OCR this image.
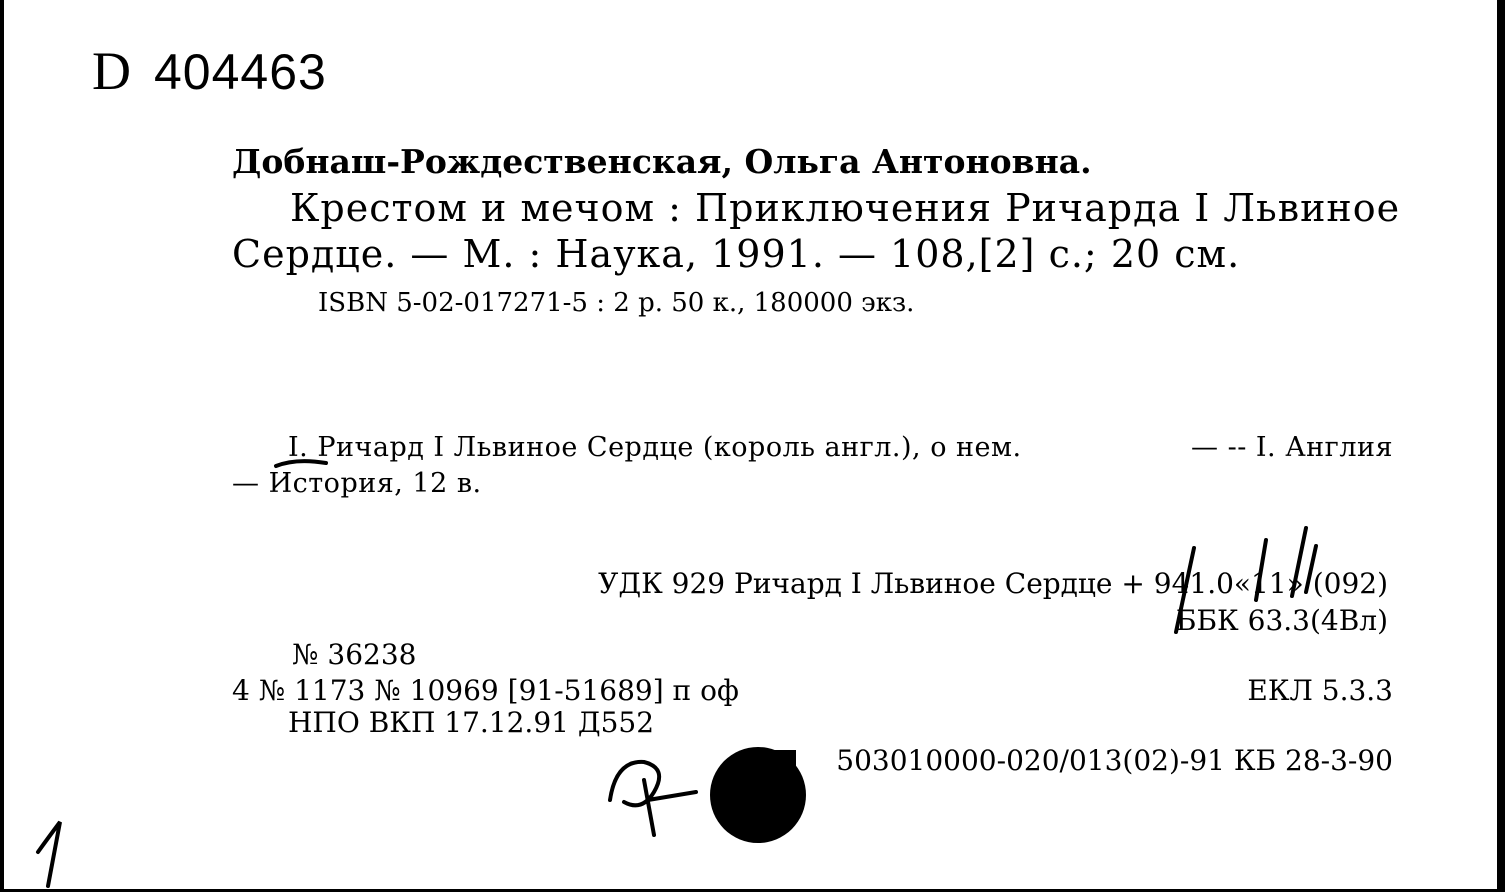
D 404463
Добнаш-Рождественская, Ольга Антоновна.
Крестом и мечом : Приключения Ричарда I Львиное
Сердце. — М. : Наука, 1991. — 108,[2] с.; 20 см.
ISBN 5-02-017271-5 : 2 р. 50 к., 180000 экз.
I. Ричард I Львиное Сердце (король англ.), о нем.	— -- I. Англия
— История, 12 в.
УДК 929 Ричард I Львиное Сердце + 941.0«11» (092)
ББК 63.3(4Вл)
№ 36238
4 № 1173 № 10969 [91-51689] п оф	ЕКЛ 5.3.3
НПО ВКП 17.12.91 Д552
503010000-020/013(02)-91 КБ 28-3-90
